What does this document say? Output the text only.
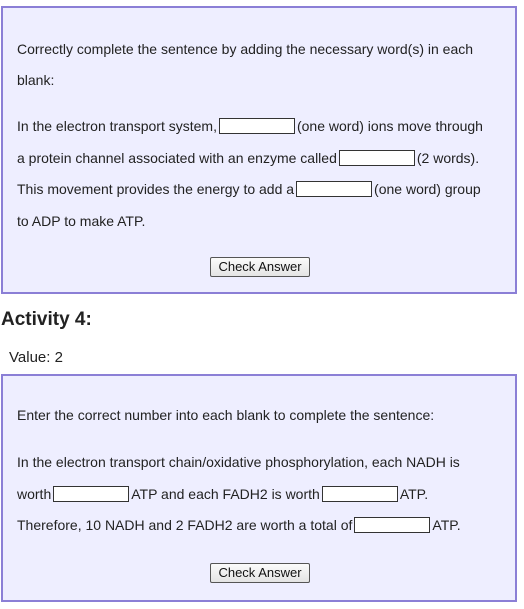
Correctly complete the sentence by adding the necessary word(s) in each
blank:
In the electron transport system,	(one word) ions move through
a protein channel associated with an enzyme called	(2 words).
This movement provides the energy to add a	(one word) group
to ADP to make ATP.
Check Answer
Activity 4:
Value: 2
Enter the correct number into each blank to complete the sentence:
In the electron transport chain/oxidative phosphorylation, each NADH is
worth	ATP and each FADH2 is worth	ATP.
Therefore, 10 NADH and 2 FADH2 are worth a total of	ATP.
Check Answer
